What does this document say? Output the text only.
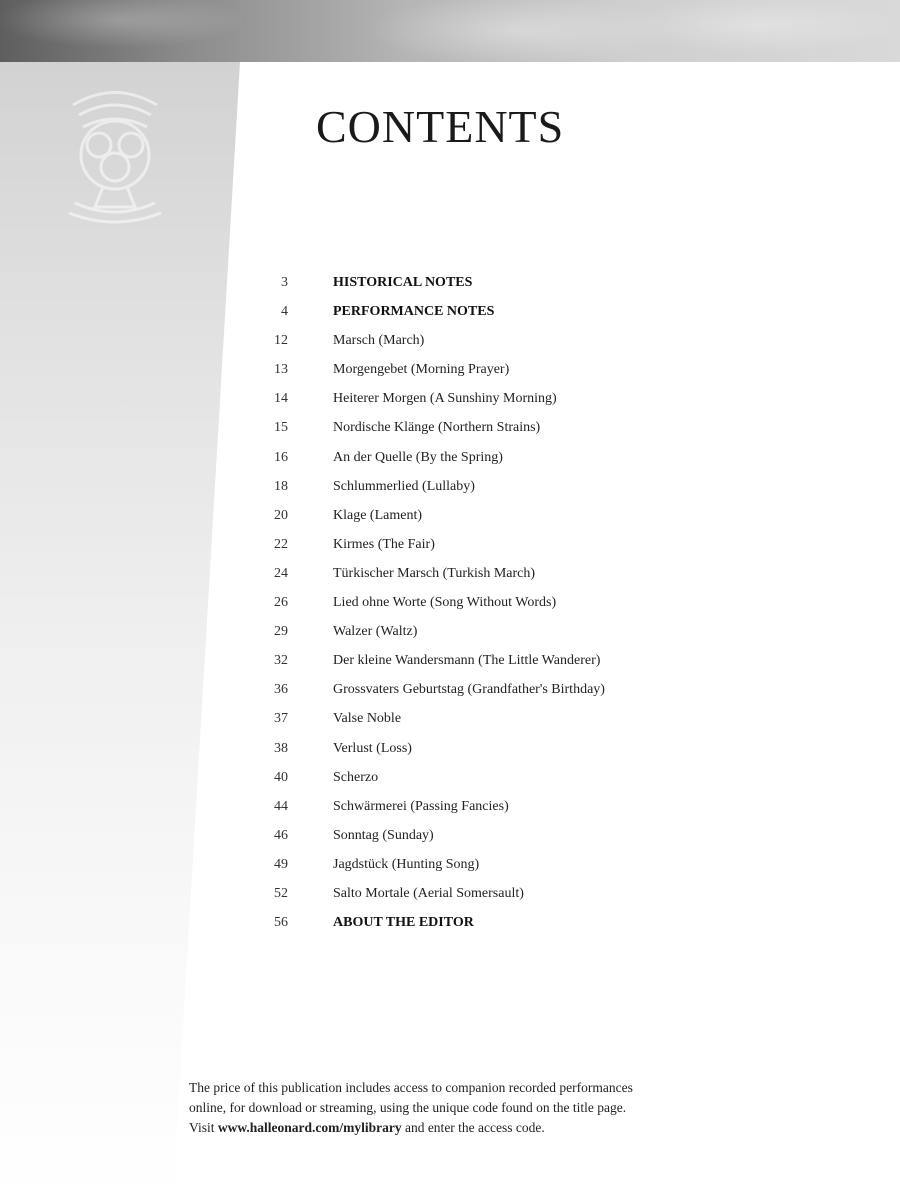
CONTENTS
3	HISTORICAL NOTES
4	PERFORMANCE NOTES
12	Marsch (March)
13	Morgengebet (Morning Prayer)
14	Heiterer Morgen (A Sunshiny Morning)
15	Nordische Klänge (Northern Strains)
16	An der Quelle (By the Spring)
18	Schlummerlied (Lullaby)
20	Klage (Lament)
22	Kirmes (The Fair)
24	Türkischer Marsch (Turkish March)
26	Lied ohne Worte (Song Without Words)
29	Walzer (Waltz)
32	Der kleine Wandersmann (The Little Wanderer)
36	Grossvaters Geburtstag (Grandfather's Birthday)
37	Valse Noble
38	Verlust (Loss)
40	Scherzo
44	Schwärmerei (Passing Fancies)
46	Sonntag (Sunday)
49	Jagdstück (Hunting Song)
52	Salto Mortale (Aerial Somersault)
56	ABOUT THE EDITOR
The price of this publication includes access to companion recorded performances
online, for download or streaming, using the unique code found on the title page.
Visit www.halleonard.com/mylibrary and enter the access code.
